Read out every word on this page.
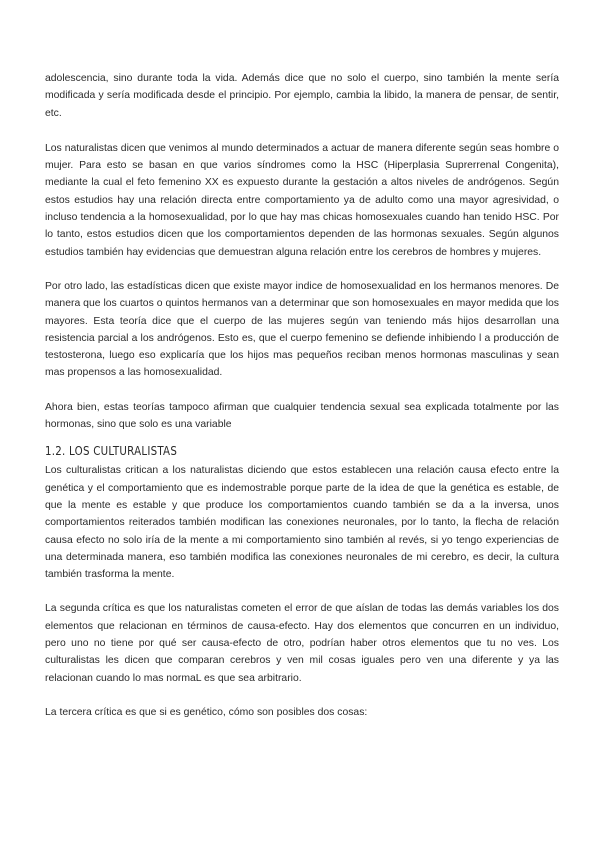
adolescencia, sino durante toda la vida. Además dice que no solo el cuerpo, sino también la mente sería modificada y sería modificada desde el principio. Por ejemplo, cambia la libido, la manera de pensar, de sentir, etc.

Los naturalistas dicen que venimos al mundo determinados a actuar de manera diferente según seas hombre o mujer. Para esto se basan en que varios síndromes como la HSC (Hiperplasia Suprerrenal Congenita), mediante la cual el feto femenino XX es expuesto durante la gestación a altos niveles de andrógenos. Según estos estudios hay una relación directa entre comportamiento ya de adulto como una mayor agresividad, o incluso tendencia a la homosexualidad, por lo que hay mas chicas homosexuales cuando han tenido HSC. Por lo tanto, estos estudios dicen que los comportamientos dependen de las hormonas sexuales. Según algunos estudios también hay evidencias que demuestran alguna relación entre los cerebros de hombres y mujeres.

Por otro lado, las estadísticas dicen que existe mayor indice de homosexualidad en los hermanos menores. De manera que los cuartos o quintos hermanos van a determinar que son homosexuales en mayor medida que los mayores. Esta teoría dice que el cuerpo de las mujeres según van teniendo más hijos desarrollan una resistencia parcial a los andrógenos. Esto es, que el cuerpo femenino se defiende inhibiendo l a producción de testosterona, luego eso explicaría que los hijos mas pequeños reciban menos hormonas masculinas y sean mas propensos a las homosexualidad.

Ahora bien, estas teorías tampoco afirman que cualquier tendencia sexual sea explicada totalmente por las hormonas, sino que solo es una variable

1.2. LOS CULTURALISTAS

Los culturalistas critican a los naturalistas diciendo que estos establecen una relación causa efecto entre la genética y el comportamiento que es indemostrable porque parte de la idea de que la genética es estable, de que la mente es estable y que produce los comportamientos cuando también se da a la inversa, unos comportamientos reiterados también modifican las conexiones neuronales, por lo tanto, la flecha de relación causa efecto no solo iría de la mente a mi comportamiento sino también al revés, si yo tengo experiencias de una determinada manera, eso también modifica las conexiones neuronales de mi cerebro, es decir, la cultura también trasforma la mente.

La segunda crítica es que los naturalistas cometen el error de que aíslan de todas las demás variables los dos elementos que relacionan en términos de causa-efecto. Hay dos elementos que concurren en un individuo, pero uno no tiene por qué ser causa-efecto de otro, podrían haber otros elementos que tu no ves. Los culturalistas les dicen que comparan cerebros y ven mil cosas iguales pero ven una diferente y ya las relacionan cuando lo mas normaL es que sea arbitrario.

La tercera crítica es que si es genético, cómo son posibles dos cosas:
